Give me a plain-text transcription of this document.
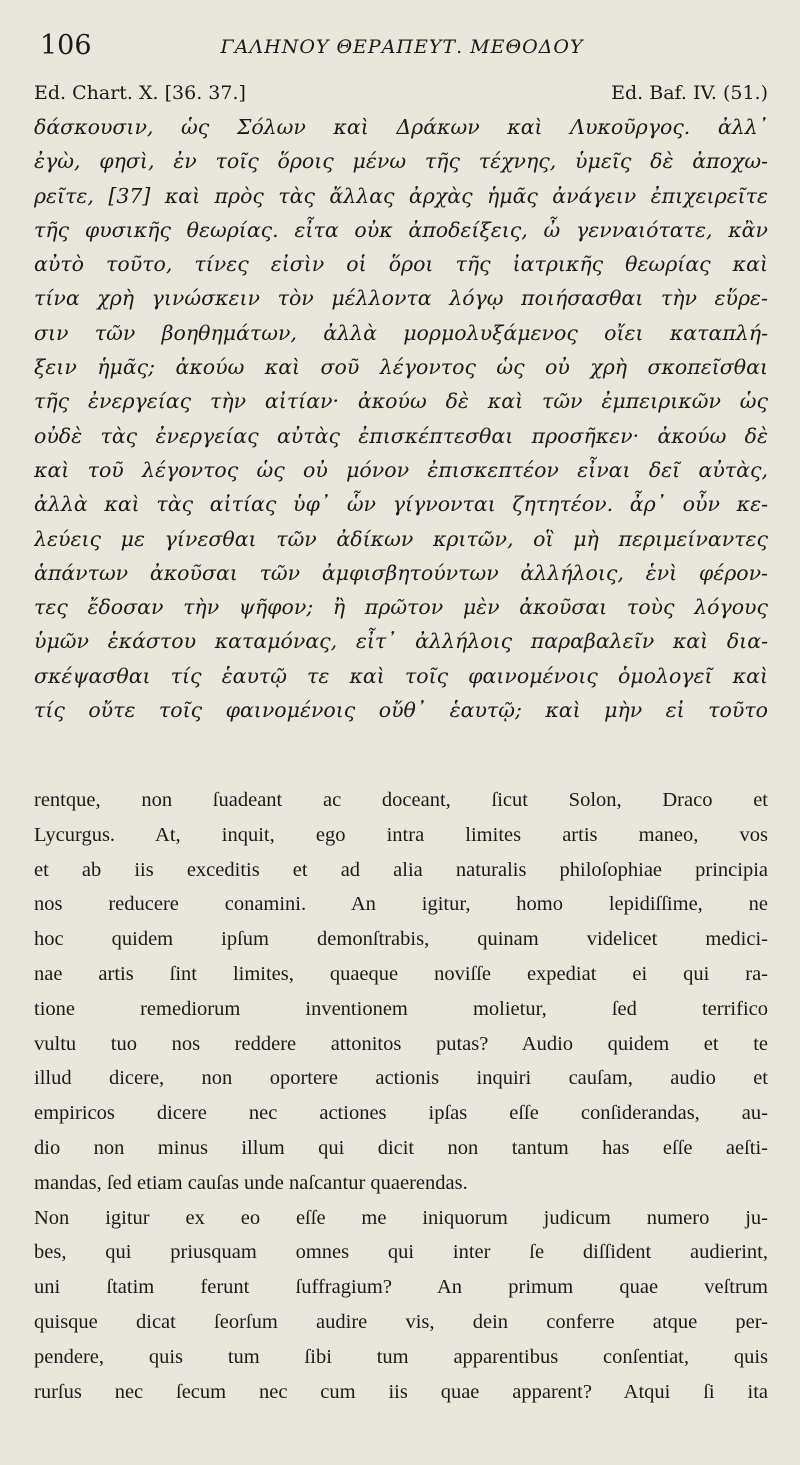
106	ΓΑΛΗΝΟΥ ΘΕΡΑΠΕΥΤ. ΜΕΘΟΔΟΥ
Ed. Chart. X. [36. 37.]	Ed. Baf. IV. (51.)
δάσκουσιν, ὡς Σόλων καὶ Δράκων καὶ Λυκοῦργος. ἀλλ᾽
ἐγὼ, φησὶ, ἐν τοῖς ὅροις μένω τῆς τέχνης, ὑμεῖς δὲ ἀποχω-
ρεῖτε, [37] καὶ πρὸς τὰς ἄλλας ἀρχὰς ἡμᾶς ἀνάγειν ἐπιχειρεῖτε
τῆς φυσικῆς θεωρίας. εἶτα οὐκ ἀποδείξεις, ὦ γενναιότατε, κἂν
αὐτὸ τοῦτο, τίνες εἰσὶν οἱ ὅροι τῆς ἰατρικῆς θεωρίας καὶ
τίνα χρὴ γινώσκειν τὸν μέλλοντα λόγῳ ποιήσασθαι τὴν εὕρε-
σιν τῶν βοηθημάτων, ἀλλὰ μορμολυξάμενος οἴει καταπλή-
ξειν ἡμᾶς; ἀκούω καὶ σοῦ λέγοντος ὡς οὐ χρὴ σκοπεῖσθαι
τῆς ἐνεργείας τὴν αἰτίαν· ἀκούω δὲ καὶ τῶν ἐμπειρικῶν ὡς
οὐδὲ τὰς ἐνεργείας αὐτὰς ἐπισκέπτεσθαι προσῆκεν· ἀκούω δὲ
καὶ τοῦ λέγοντος ὡς οὐ μόνον ἐπισκεπτέον εἶναι δεῖ αὐτὰς,
ἀλλὰ καὶ τὰς αἰτίας ὑφ᾽ ὧν γίγνονται ζητητέον. ἆρ᾽ οὖν κε-
λεύεις με γίνεσθαι τῶν ἀδίκων κριτῶν, οἳ μὴ περιμείναντες
ἁπάντων ἀκοῦσαι τῶν ἀμφισβητούντων ἀλλήλοις, ἑνὶ φέρον-
τες ἔδοσαν τὴν ψῆφον; ἢ πρῶτον μὲν ἀκοῦσαι τοὺς λόγους
ὑμῶν ἑκάστου καταμόνας, εἶτ᾽ ἀλλήλοις παραβαλεῖν καὶ δια-
σκέψασθαι τίς ἑαυτῷ τε καὶ τοῖς φαινομένοις ὁμολογεῖ καὶ
τίς οὔτε τοῖς φαινομένοις οὔθ᾽ ἑαυτῷ; καὶ μὴν εἰ τοῦτο
rentque, non ſuadeant ac doceant, ſicut Solon, Draco et
Lycurgus. At, inquit, ego intra limites artis maneo, vos
et ab iis exceditis et ad alia naturalis philoſophiae principia
nos reducere conamini. An igitur, homo lepidiſſime, ne
hoc quidem ipſum demonſtrabis, quinam videlicet medici-
nae artis ſint limites, quaeque noviſſe expediat ei qui ra-
tione remediorum inventionem molietur, ſed terrifico
vultu tuo nos reddere attonitos putas? Audio quidem et te
illud dicere, non oportere actionis inquiri cauſam, audio et
empiricos dicere nec actiones ipſas eſſe conſiderandas, au-
dio non minus illum qui dicit non tantum has eſſe aeſti-
mandas, ſed etiam cauſas unde naſcantur quaerendas.
Non igitur ex eo eſſe me iniquorum judicum numero ju-
bes, qui priusquam omnes qui inter ſe diſſident audierint,
uni ſtatim ferunt ſuffragium? An primum quae veſtrum
quisque dicat ſeorſum audire vis, dein conferre atque per-
pendere, quis tum ſibi tum apparentibus conſentiat, quis
rurſus nec ſecum nec cum iis quae apparent? Atqui ſi ita
